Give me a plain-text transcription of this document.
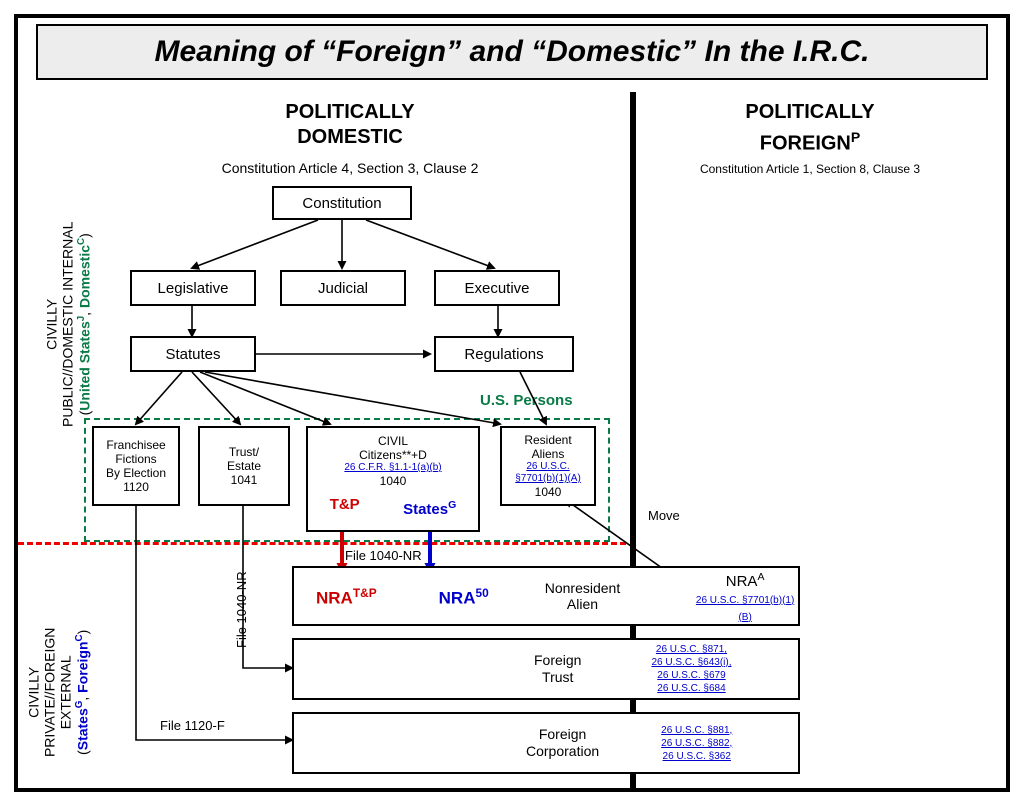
Meaning of “Foreign” and “Domestic” In the I.R.C.
POLITICALLY
DOMESTIC
Constitution Article 4, Section 3, Clause 2
POLITICALLY
$FOREIGN^P$
Constitution Article 1, Section 8, Clause 3
CIVILLY PUBLIC//DOMESTIC INTERNAL (United States$^J$, Domestic$^C$)
CIVILLY PRIVATE//FOREIGN EXTERNAL
(States$^G$, Foreign$^C$)
U.S. Persons
Constitution
Legislative	Judicial	Executive
Statutes	Regulations
Franchisee
Fictions
By Election
1120
Trust/
Estate
1041
CIVIL
Citizens**+D
26 C.F.R. §1.1-1(a)(b)
1040
T&P	States$^G$
Resident
Aliens
26 U.S.C.
§7701(b)(1)(A)
1040
$NRA^{T\&P}$	NRA$^{50}$	Nonresident
Alien
$NRA^A$
26 U.S.C. §7701(b)(1)(B)
Foreign
Trust
26 U.S.C. §871,
26 U.S.C. §643(i),
26 U.S.C. §679
26 U.S.C. §684
Foreign
Corporation
26 U.S.C. §881,
26 U.S.C. §882,
26 U.S.C. §362
Move
File 1040-NR
File 1120-F
File 1040-NR
